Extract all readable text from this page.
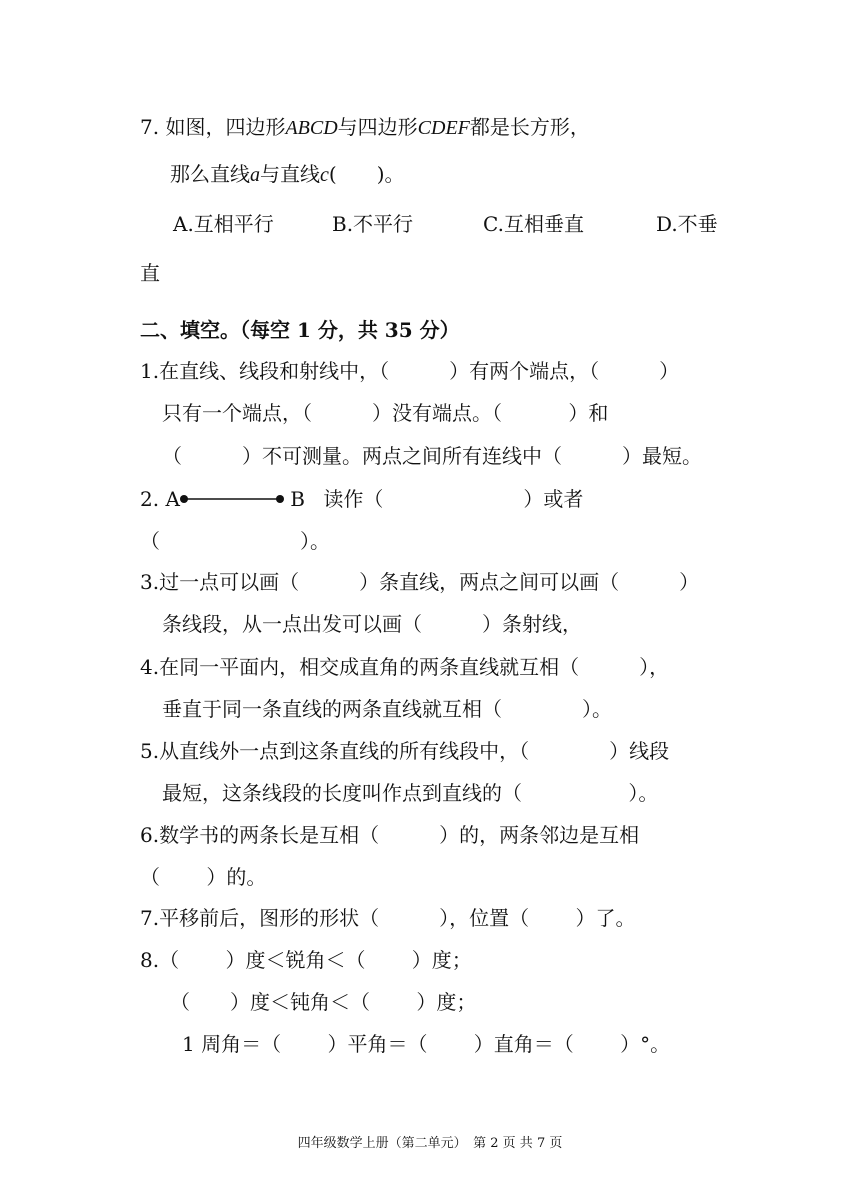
7. 如图，四边形ABCD与四边形CDEF都是长方形，
那么直线a与直线c(　　)。
A.互相平行	B.不平行	C.互相垂直	D.不垂
直
二、填空。（每空 1 分，共 35 分）
1.在直线、线段和射线中，（　　　）有两个端点，（　　　）
只有一个端点，（　　　）没有端点。（　　　 ）和
（　　　）不可测量。两点之间所有连线中（　　　）最短。
2. A	B 读作（　　　　　　　）或者
（　　　　　　　）。
3.过一点可以画（　　　）条直线，两点之间可以画（　　　）
条线段，从一点出发可以画（　　　）条射线，
4.在同一平面内，相交成直角的两条直线就互相（　　　），
垂直于同一条直线的两条直线就互相（　　　　）。
5.从直线外一点到这条直线的所有线段中，（　　　　）线段
最短，这条线段的长度叫作点到直线的（　　　　　 ）。
6.数学书的两条长是互相（　　　）的，两条邻边是互相
（　　 ）的。
7.平移前后，图形的形状（　　　），位置（　　 ）了。
8.（　　 ）度＜锐角＜（　　 ）度；
（　　）度＜钝角＜（　　 ）度；
1 周角＝（　　 ）平角＝（　　 ）直角＝（　　 ）°。
四年级数学上册（第二单元）　第 2 页 共 7 页
